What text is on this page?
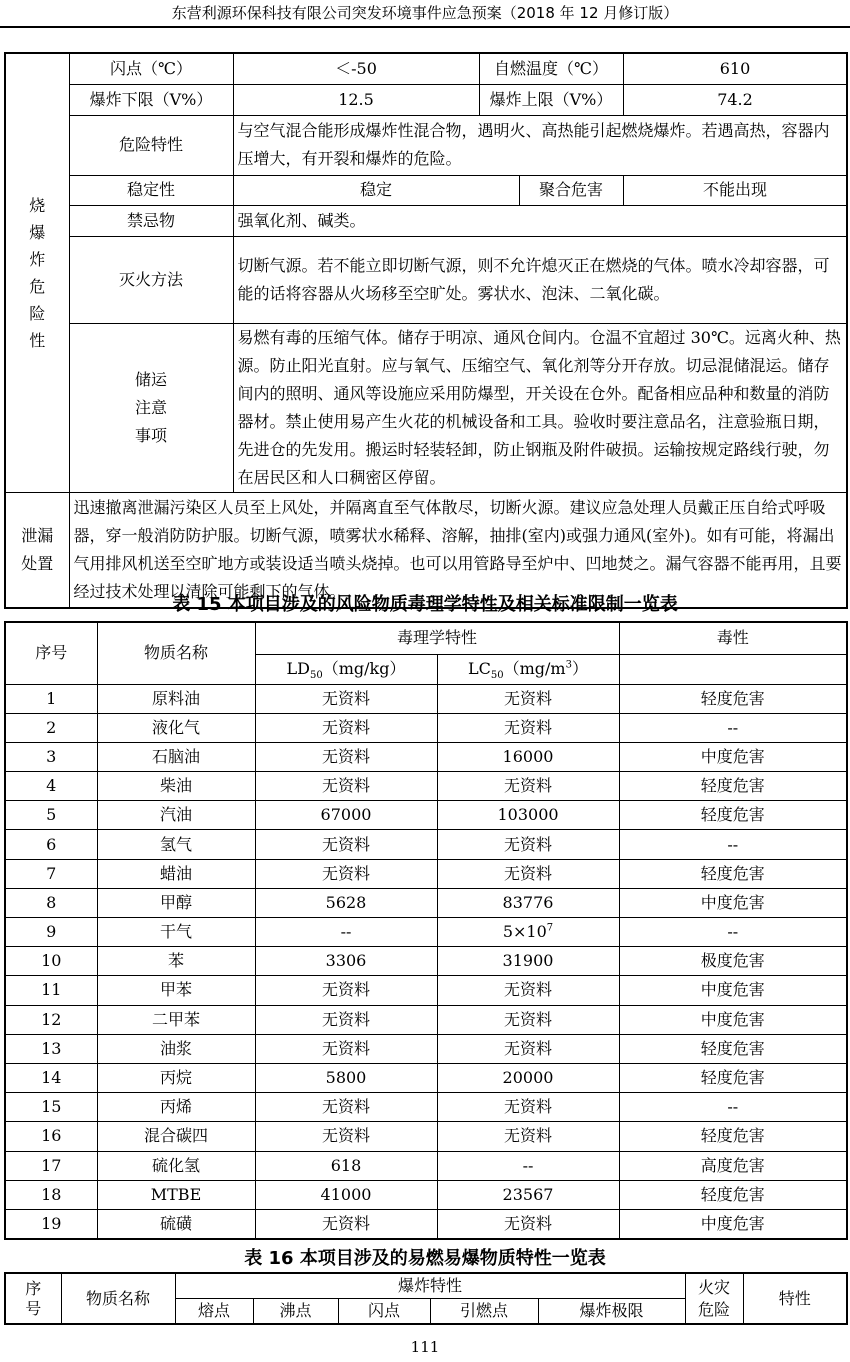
东营利源环保科技有限公司突发环境事件应急预案（2018 年 12 月修订版）
烧爆炸危险性	闪点（℃）	＜-50	自燃温度（℃）		610
	爆炸下限（V%）	12.5	爆炸上限（V%）		74.2
	危险特性	与空气混合能形成爆炸性混合物，遇明火、高热能引起燃烧爆炸。若遇高热，容器内压增大，有开裂和爆炸的危险。			
	稳定性	稳定		聚合危害	不能出现
	禁忌物	强氧化剂、碱类。			
	灭火方法	切断气源。若不能立即切断气源，则不允许熄灭正在燃烧的气体。喷水冷却容器，可能的话将容器从火场移至空旷处。雾状水、泡沫、二氧化碳。			
	储运注意事项	易燃有毒的压缩气体。储存于明凉、通风仓间内。仓温不宜超过 30℃。远离火种、热源。防止阳光直射。应与氧气、压缩空气、氧化剂等分开存放。切忌混储混运。储存间内的照明、通风等设施应采用防爆型，开关设在仓外。配备相应品种和数量的消防器材。禁止使用易产生火花的机械设备和工具。验收时要注意品名，注意验瓶日期，先进仓的先发用。搬运时轻装轻卸，防止钢瓶及附件破损。运输按规定路线行驶，勿在居民区和人口稠密区停留。			
泄漏处置	迅速撤离泄漏污染区人员至上风处，并隔离直至气体散尽，切断火源。建议应急处理人员戴正压自给式呼吸器，穿一般消防防护服。切断气源，喷雾状水稀释、溶解，抽排(室内)或强力通风(室外)。如有可能，将漏出气用排风机送至空旷地方或装设适当喷头烧掉。也可以用管路导至炉中、凹地焚之。漏气容器不能再用，且要经过技术处理以清除可能剩下的气体。				
表 15 本项目涉及的风险物质毒理学特性及相关标准限制一览表
序号	物质名称	毒理学特性		毒性
		$LD_{50}(mg/kg)$	$LC_{50}(mg/m^3)$	
1	原料油	无资料	无资料	轻度危害
2	液化气	无资料	无资料	--
3	石脑油	无资料	16000	中度危害
4	柴油	无资料	无资料	轻度危害
5	汽油	67000	103000	轻度危害
6	氢气	无资料	无资料	--
7	蜡油	无资料	无资料	轻度危害
8	甲醇	5628	83776	中度危害
9	干气	--	$5\times 10^7$	--
10	苯	3306	31900	极度危害
11	甲苯	无资料	无资料	中度危害
12	二甲苯	无资料	无资料	中度危害
13	油浆	无资料	无资料	轻度危害
14	丙烷	5800	20000	轻度危害
15	丙烯	无资料	无资料	--
16	混合碳四	无资料	无资料	轻度危害
17	硫化氢	618	--	高度危害
18	MTBE	41000	23567	轻度危害
19	硫磺	无资料	无资料	中度危害
表 16 本项目涉及的易燃易爆物质特性一览表
序号	物质名称	爆炸特性					火灾危险	特性
		熔点	沸点	闪点	引燃点	爆炸极限		
111
